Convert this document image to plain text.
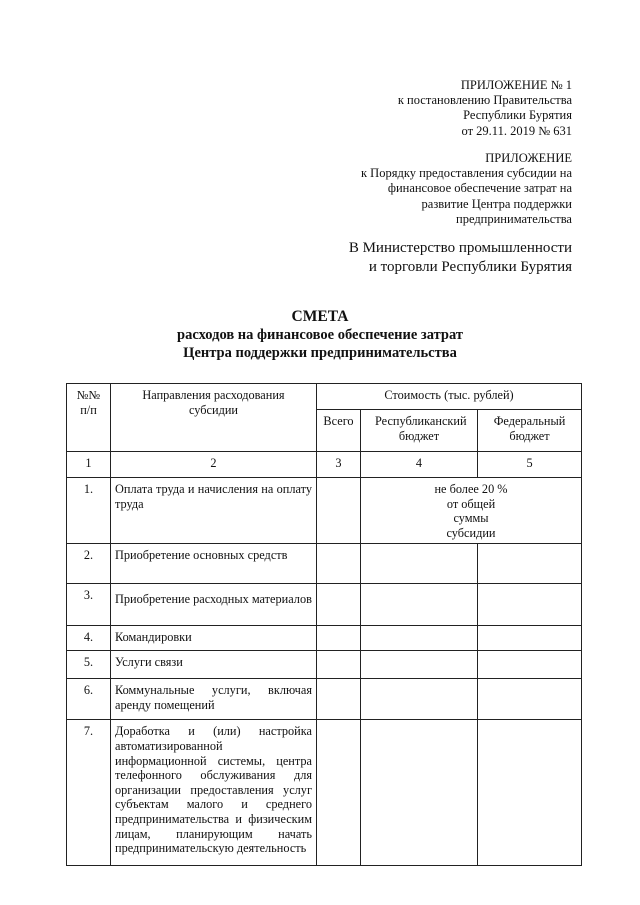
ПРИЛОЖЕНИЕ № 1
к постановлению Правительства
Республики Бурятия
от 29.11. 2019 № 631
ПРИЛОЖЕНИЕ
к Порядку предоставления субсидии на
финансовое обеспечение затрат на
развитие Центра поддержки
предпринимательства
В Министерство промышленности
и торговли Республики Бурятия
СМЕТА
расходов на финансовое обеспечение затрат
Центра поддержки предпринимательства
№№ п/п	Направления расходования субсидии	Стоимость (тыс. рублей)		
		Всего	Республиканский бюджет	Федеральный бюджет
1	2	3	4	5
1.	Оплата труда и начисления на оплату труда		не более 20 % от общей суммы субсидии	
2.	Приобретение основных средств			
3.	Приобретение расходных материалов			
4.	Командировки			
5.	Услуги связи			
6.	Коммунальные услуги, включая аренду помещений			
7.	Доработка и (или) настройка автоматизированной информационной системы, центра телефонного обслуживания для организации предоставления услуг субъектам малого и среднего предпринимательства и физическим лицам, планирующим начать предпринимательскую деятельность			
